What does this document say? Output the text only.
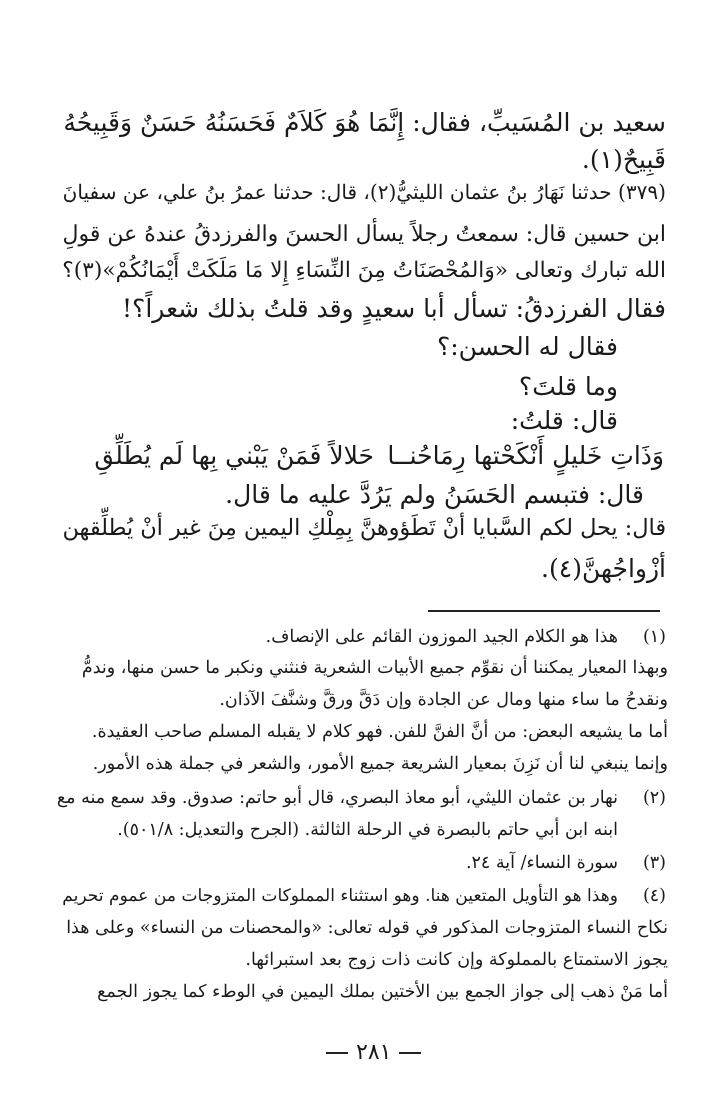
سعيد بن المُسَيبِّ، فقال: إِنَّمَا هُوَ كَلاَمٌ فَحَسَنُهُ حَسَنٌ وَقَبِيحُهُ
قَبِيحٌ(١).
(٣٧٩) حدثنا نَهَارُ بنُ عثمان الليثيُّ(٢)، قال: حدثنا عمرُ بنُ علي، عن سفيانَ
ابن حسين قال: سمعتُ رجلاً يسأل الحسنَ والفرزدقُ عندهُ عن قولِ
الله تبارك وتعالى «وَالمُحْصَنَاتُ مِنَ النِّسَاءِ إِلا مَا مَلَكَتْ أَيْمَانُكُمْ»(٣)؟
فقال الفرزدقُ: تسأل أبا سعيدٍ وقد قلتُ بذلك شعراً؟!
فقال له الحسن:؟
وما قلتَ؟
قال: قلتُ:
وَذَاتِ خَليلٍ أَنْكَحْتها رِمَاحُنــا
حَلالاً فَمَنْ يَبْني بِها لَم يُطَلِّقِ
قال: فتبسم الحَسَنُ ولم يَرُدَّ عليه ما قال.
قال: يحل لكم السَّبايا أنْ تَطَؤوهنَّ بِمِلْكِ اليمين مِنَ غير أنْ يُطلِّقهن
أزْواجُهنَّ(٤).
(١)
هذا هو الكلام الجيد الموزون القائم على الإنصاف.
وبهذا المعيار يمكننا أن نقوِّم جميع الأبيات الشعرية فنثني ونكبر ما حسن منها، وندمُّ
ونقدحُ ما ساء منها ومال عن الجادة وإن دَقَّ ورقَّ وشنَّفَ الآذان.
أما ما يشيعه البعض: من أنَّ الفنَّ للفن. فهو كلام لا يقبله المسلم صاحب العقيدة.
وإنما ينبغي لنا أن نَزِنَ بمعيار الشريعة جميع الأمور، والشعر في جملة هذه الأمور.
(٢)
نهار بن عثمان الليثي، أبو معاذ البصري، قال أبو حاتم: صدوق. وقد سمع منه مع
ابنه ابن أبي حاتم بالبصرة في الرحلة الثالثة. (الجرح والتعديل: ٥٠١/٨).
(٣)
سورة النساء/ آية ٢٤.
(٤)
وهذا هو التأويل المتعين هنا. وهو استثناء المملوكات المتزوجات من عموم تحريم
نكاح النساء المتزوجات المذكور في قوله تعالى: «والمحصنات من النساء» وعلى هذا
يجوز الاستمتاع بالمملوكة وإن كانت ذات زوج بعد استبرائها.
أما مَنْ ذهب إلى جواز الجمع بين الأختين بملك اليمين في الوطء كما يجوز الجمع
٢٨١
